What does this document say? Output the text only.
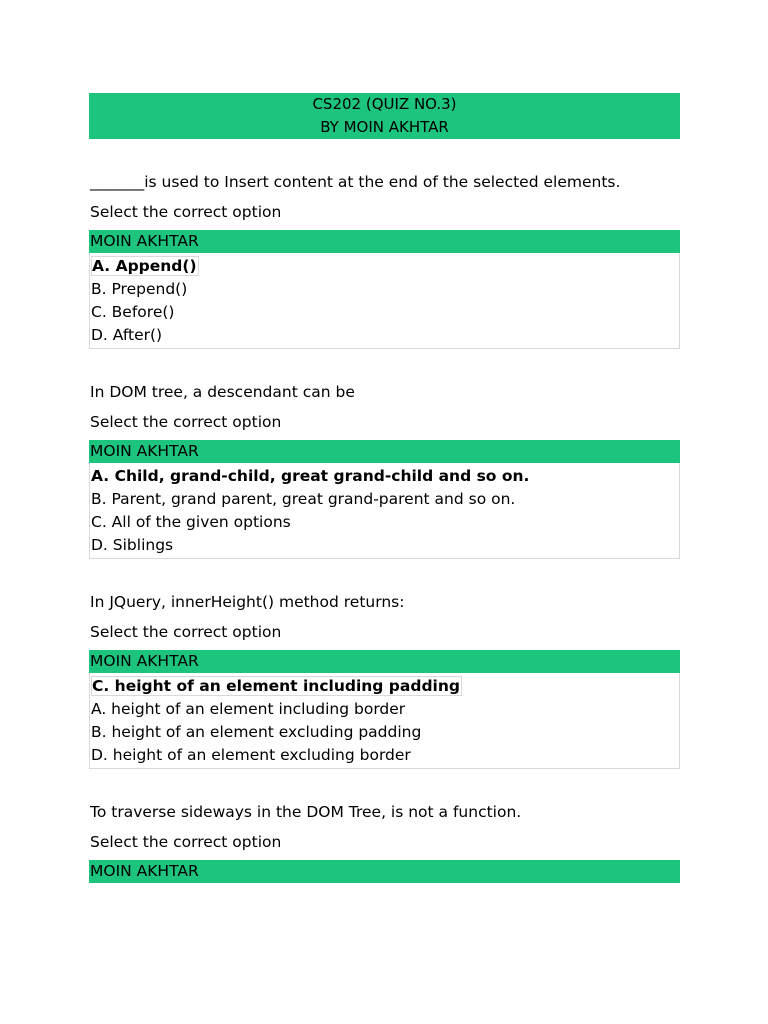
CS202 (QUIZ NO.3)
BY MOIN AKHTAR
_______is used to Insert content at the end of the selected elements.
Select the correct option
MOIN AKHTAR
A. Append()
B. Prepend()
C. Before()
D. After()
In DOM tree, a descendant can be
Select the correct option
MOIN AKHTAR
A. Child, grand-child, great grand-child and so on.
B. Parent, grand parent, great grand-parent and so on.
C. All of the given options
D. Siblings
In JQuery, innerHeight() method returns:
Select the correct option
MOIN AKHTAR
C. height of an element including padding
A. height of an element including border
B. height of an element excluding padding
D. height of an element excluding border
To traverse sideways in the DOM Tree, is not a function.
Select the correct option
MOIN AKHTAR
